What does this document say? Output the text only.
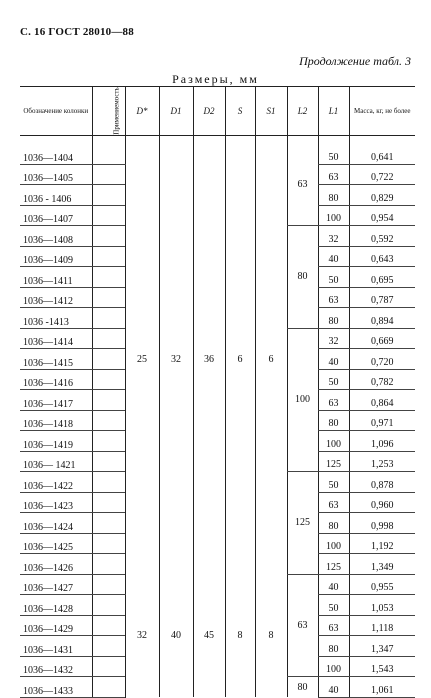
С. 16 ГОСТ 28010—88
Продолжение табл. 3
Размеры, мм
Обозначение колонки	Применяемость	D*	D1	D2	S	S1	L2	L1	Масса, кг, не более

1036—1404		25	32	36	6	6	63	50	0,641
1036—1405								63	0,722
1036 - 1406								80	0,829
1036—1407								100	0,954
1036—1408							80	32	0,592
1036—1409								40	0,643
1036—1411								50	0,695
1036—1412								63	0,787
1036 -1413								80	0,894
1036—1414							100	32	0,669
1036—1415								40	0,720
1036—1416								50	0,782
1036—1417								63	0,864
1036—1418								80	0,971
1036—1419								100	1,096
1036— 1421								125	1,253
1036—1422							125	50	0,878
1036—1423								63	0,960
1036—1424								80	0,998
1036—1425								100	1,192
1036—1426								125	1,349
1036—1427		32	40	45	8	8	63	40	0,955
1036—1428								50	1,053
1036—1429								63	1,118
1036—1431								80	1,347
1036—1432								100	1,543
1036—1433							80	40	1,061
